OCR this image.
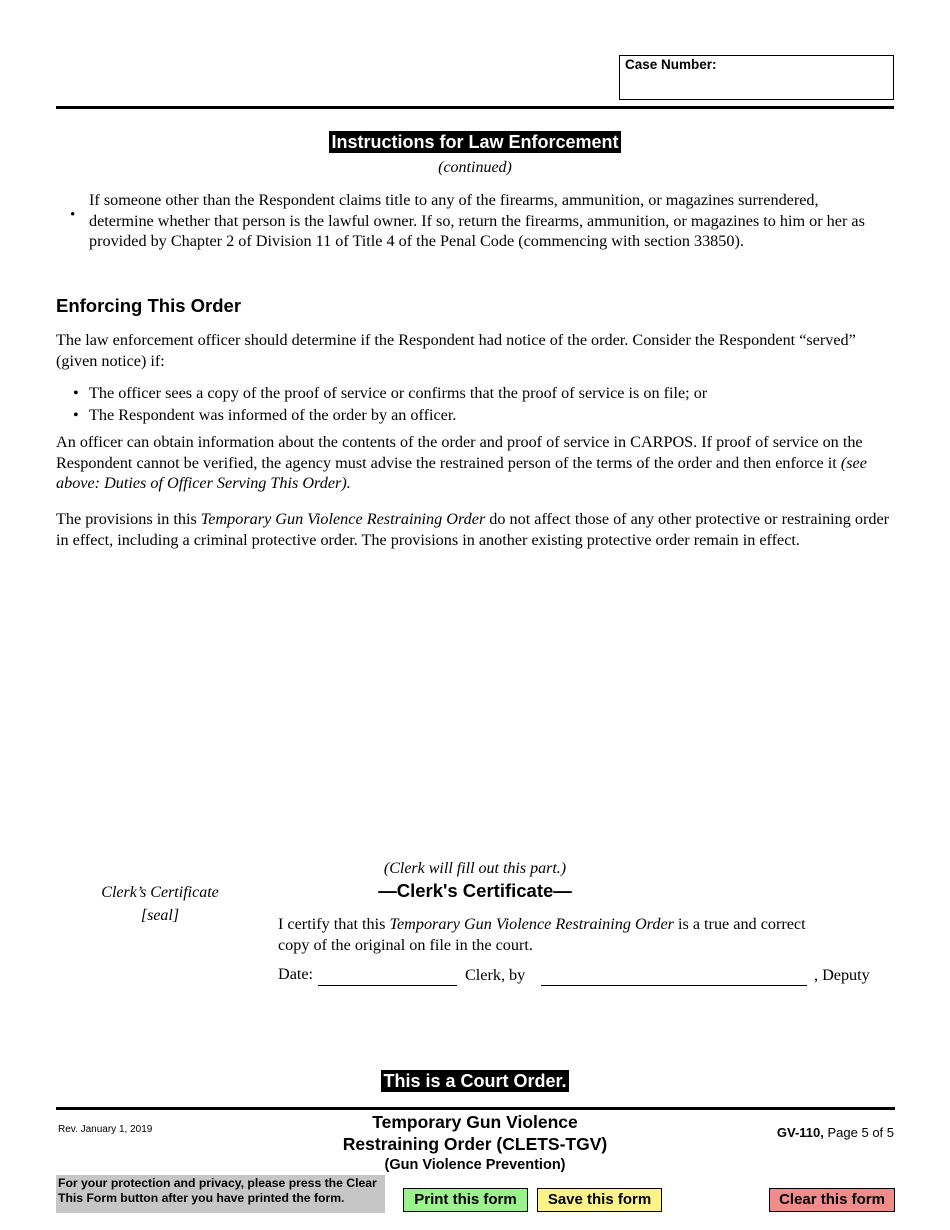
Case Number:
Instructions for Law Enforcement
(continued)
•
If someone other than the Respondent claims title to any of the firearms, ammunition, or magazines surrendered, determine whether that person is the lawful owner. If so, return the firearms, ammunition, or magazines to him or her as provided by Chapter 2 of Division 11 of Title 4 of the Penal Code (commencing with section 33850).
Enforcing This Order
The law enforcement officer should determine if the Respondent had notice of the order. Consider the Respondent “served” (given notice) if:
• The officer sees a copy of the proof of service or confirms that the proof of service is on file; or
• The Respondent was informed of the order by an officer.
An officer can obtain information about the contents of the order and proof of service in CARPOS. If proof of service on the Respondent cannot be verified, the agency must advise the restrained person of the terms of the order and then enforce it (see above: Duties of Officer Serving This Order).
The provisions in this Temporary Gun Violence Restraining Order do not affect those of any other protective or restraining order in effect, including a criminal protective order. The provisions in another existing protective order remain in effect.
Clerk’s Certificate
[seal]
(Clerk will fill out this part.)
—Clerk's Certificate—
I certify that this Temporary Gun Violence Restraining Order is a true and correct copy of the original on file in the court.
Date:	Clerk, by	, Deputy
This is a Court Order.
Rev. January 1, 2019	Temporary Gun Violence
Restraining Order (CLETS-TGV)
(Gun Violence Prevention)
GV-110, Page 5 of 5
For your protection and privacy, please press the Clear This Form button after you have printed the form.	Print this form	Save this form	Clear this form
